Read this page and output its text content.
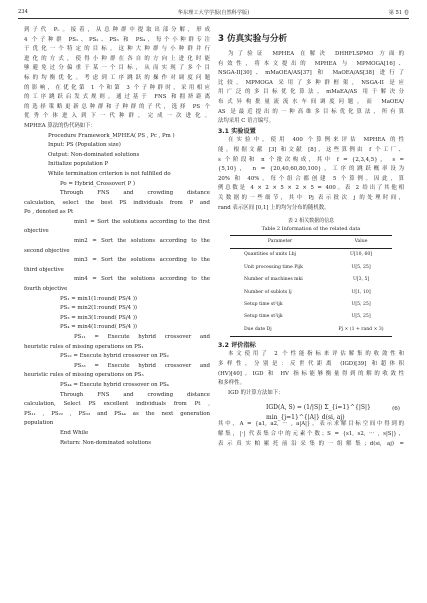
234	华东理工大学学报(自然科学版)	第 51 卷
到子代 Pₒ。接着，从总种群中提取出部分解，形成
4 个子种群 PS₁、PS₂、PS₃ 和 PS₄，每个小种群专注
于优化一个特定的目标。这种大种群与小种群并行
进化的方式，使得小种群在各自的方向上进化时能
够避免过分偏重于某一个目标，从而实现了多个目
标的均衡优化。考虑到工序跳跃的操作对调度问题
的影响，在优化第 1 个和第 3 个子种群时，采用相应
的工序跳跃启发式规则。通过基于 FNS 和拥挤距离
的选择策略更新总种群和子种群的子代，选择 PS 个
优秀个体进入到下一代种群，完成一次进化。
MPHEA 算法的伪代码如下：
Procedure Framework_MPHEA( PS , Pc , Pm )
Input: PS (Population size)
Output: Non-dominated solutions
Initialize population P
While termination criterion is not fulfilled do
Po = Hybrid_Crossover( P )
Through FNS and crowding distance
calculation, select the best PS individuals from P and
Po , denoted as Pt
min1 = Sort the solutions according to the first
objective
min2 = Sort the solutions according to the
second objective
min3 = Sort the solutions according to the
third objective
min4 = Sort the solutions according to the
fourth objective
PS₁ = min1(1:round( PS/4 ))
PS₂ = min2(1:round( PS/4 ))
PS₃ = min3(1:round( PS/4 ))
PS₄ = min4(1:round( PS/4 ))
PS₁₁ = Execute hybrid crossover and
heuristic rules of missing operations on PS₁
PS₂₂ = Execute hybrid crossover on PS₂
PS₃₃ = Execute hybrid crossover and
heuristic rules of missing operations on PS₃
PS₄₄ = Execute hybrid crossover on PS₄
Through FNS and crowding distance
calculation, Select PS excellent individuals from Pt ,
PS₁₁ , PS₂₂ , PS₃₃ and PS₄₄ as the next generation
population
End While
Return: Non-dominated solutions
3 仿真实验与分析
为了验证 MPHEA 在解决 DHHFLSPMO 方面的
有效性，将本文提出的 MPHEA 与 MPMOGA[16]、
NSGA-II[30]、mMaOEA/AS[37] 和 MaOEA/AS[38] 进行了
比较。MPMOGA 采用了多种群框架，NSGA-II 是应
用广泛的多目标优化算法，mMaEA/AS 用于解决分
布式异构批量流流水车间调度问题，而 MaOEA/
AS 是最近提出的一种高维多目标优化算法，所有算
法均采用 C 语言编写。
3.1 实验设置
在实验中，使用 400 个算例来评估 MPHEA 的性
能。根据文献 [3] 和文献 [8]，这些算例由 f 个工厂、
s 个阶段和 n 个批次构成，其中 f = {2,3,4,5}， s =
{5,10}， n = {20,40,60,80,100}，工序的跳跃概率设为
20% 和 40%。每个组合都创建 5 个算例。因此，算
例总数是 4 × 2 × 5 × 2 × 5 = 400。表 2 给出了其他相
关数据的一些细节，其中 Pj 表示批次 j 的处理时间，
rand 表示区间 [0,1] 上的均匀分布的随机数。
表 2 相关数据的信息
Table 2 Information of the related data
Parameter	Value
Quantities of units Lbj	U[10, 60]
Unit processing time Pijk	U[5, 25]
Number of machines mki	U[3, 5]
Number of sublots lj	U[1, 10]
Setup time st¹ijk	U[5, 25]
Setup time st²ijk	U[5, 25]
Due date Dj	Pj × (1 + rand × 3)
3.2 评价指标
本文使用了 2 个性能指标来评估解集的收敛性和
多样性，分别是：反世代距离 (IGD)[39] 和超体积
(HV)[40]。IGD 和 HV 指标能够衡量得到的解的收敛性
和多样性。
IGD 的计算方法如下：
IGD(A, S) = (1/|S|) Σ_{i=1}^{|S|} min_{j=1}^{|A|} d(si, aj)
(6)
其中，A = {a1, a2, ··· , a|A|}，表示求解目标空间中得到的
解集，|·| 代表集合中的元素个数；S = {s1, s2, ··· , s|S|}，
表示真实帕累托前沿采集的一组解集；d(si, aj) =
